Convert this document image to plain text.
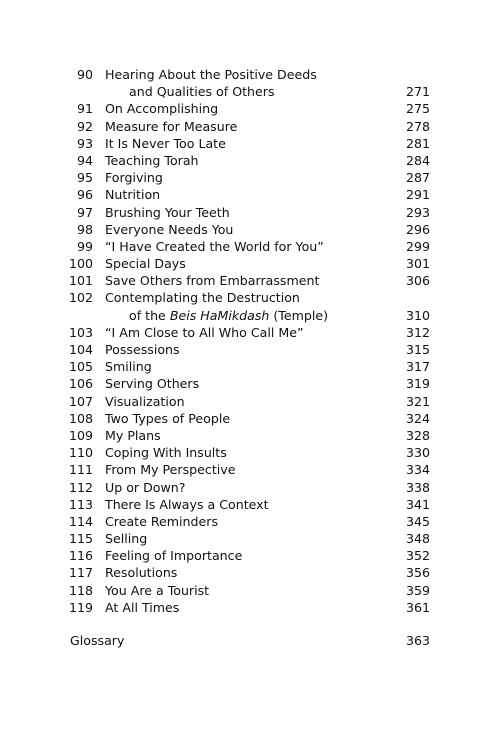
90 Hearing About the Positive Deeds
and Qualities of Others	271
91 On Accomplishing	275
92 Measure for Measure	278
93 It Is Never Too Late	281
94 Teaching Torah	284
95 Forgiving	287
96 Nutrition	291
97 Brushing Your Teeth	293
98 Everyone Needs You	296
99 “I Have Created the World for You”	299
100 Special Days	301
101 Save Others from Embarrassment	306
102 Contemplating the Destruction
of the Beis HaMikdash (Temple)	310
103 “I Am Close to All Who Call Me”	312
104 Possessions	315
105 Smiling	317
106 Serving Others	319
107 Visualization	321
108 Two Types of People	324
109 My Plans	328
110 Coping With Insults	330
111 From My Perspective	334
112 Up or Down?	338
113 There Is Always a Context	341
114 Create Reminders	345
115 Selling	348
116 Feeling of Importance	352
117 Resolutions	356
118 You Are a Tourist	359
119 At All Times	361
Glossary	363
